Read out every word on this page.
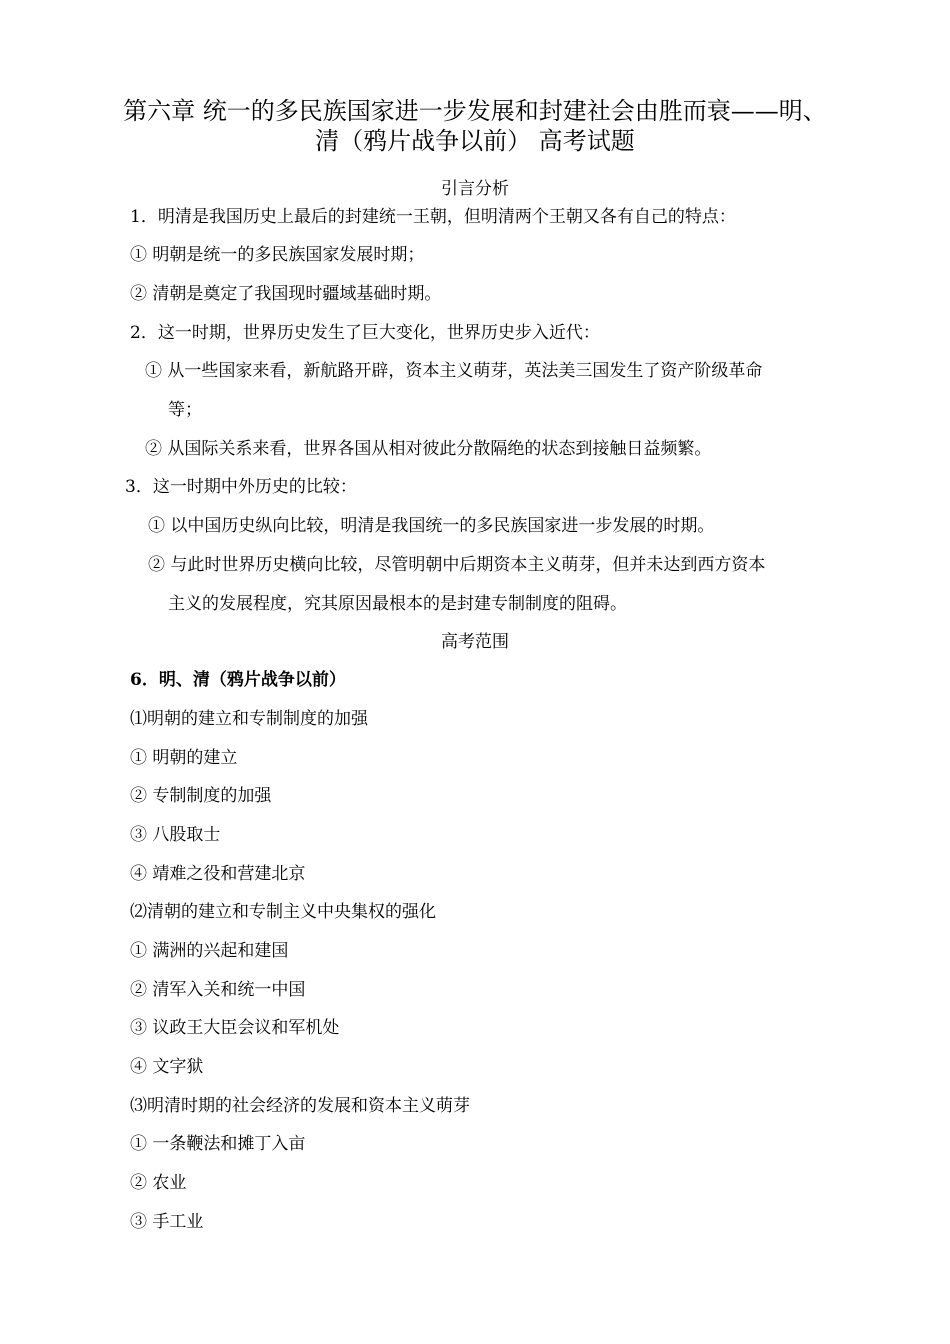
第六章 统一的多民族国家进一步发展和封建社会由胜而衰——明、
清（鸦片战争以前） 高考试题
引言分析
1．明清是我国历史上最后的封建统一王朝，但明清两个王朝又各有自己的特点：
① 明朝是统一的多民族国家发展时期；
② 清朝是奠定了我国现时疆域基础时期。
2．这一时期，世界历史发生了巨大变化，世界历史步入近代：
① 从一些国家来看，新航路开辟，资本主义萌芽，英法美三国发生了资产阶级革命
等；
② 从国际关系来看，世界各国从相对彼此分散隔绝的状态到接触日益频繁。
3．这一时期中外历史的比较：
① 以中国历史纵向比较，明清是我国统一的多民族国家进一步发展的时期。
② 与此时世界历史横向比较，尽管明朝中后期资本主义萌芽，但并未达到西方资本
主义的发展程度，究其原因最根本的是封建专制制度的阻碍。
高考范围
6．明、清（鸦片战争以前）
⑴明朝的建立和专制制度的加强
① 明朝的建立
② 专制制度的加强
③ 八股取士
④ 靖难之役和营建北京
⑵清朝的建立和专制主义中央集权的强化
① 满洲的兴起和建国
② 清军入关和统一中国
③ 议政王大臣会议和军机处
④ 文字狱
⑶明清时期的社会经济的发展和资本主义萌芽
① 一条鞭法和摊丁入亩
② 农业
③ 手工业
